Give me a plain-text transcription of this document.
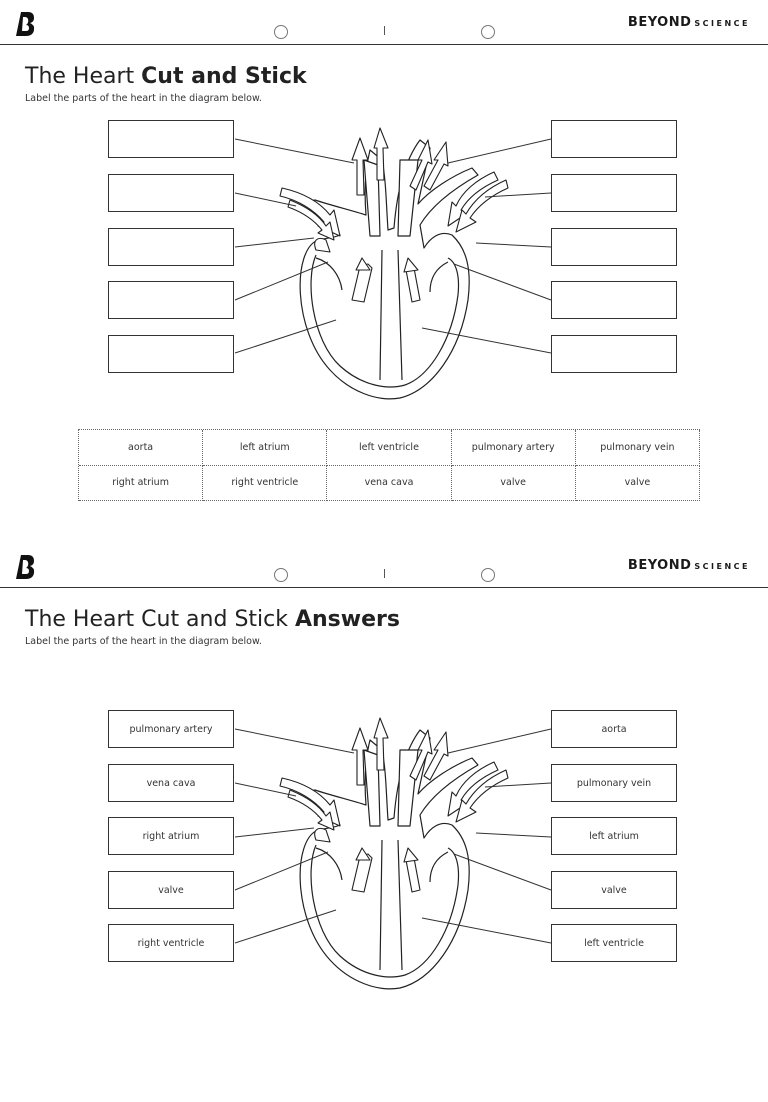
BEYOND SCIENCE
The Heart Cut and Stick
Label the parts of the heart in the diagram below.
aorta	left atrium	left ventricle	pulmonary artery	pulmonary vein
right atrium	right ventricle	vena cava	valve	valve
BEYOND SCIENCE
The Heart Cut and Stick Answers
Label the parts of the heart in the diagram below.
pulmonary artery
vena cava
right atrium
valve
right ventricle
aorta
pulmonary vein
left atrium
valve
left ventricle
